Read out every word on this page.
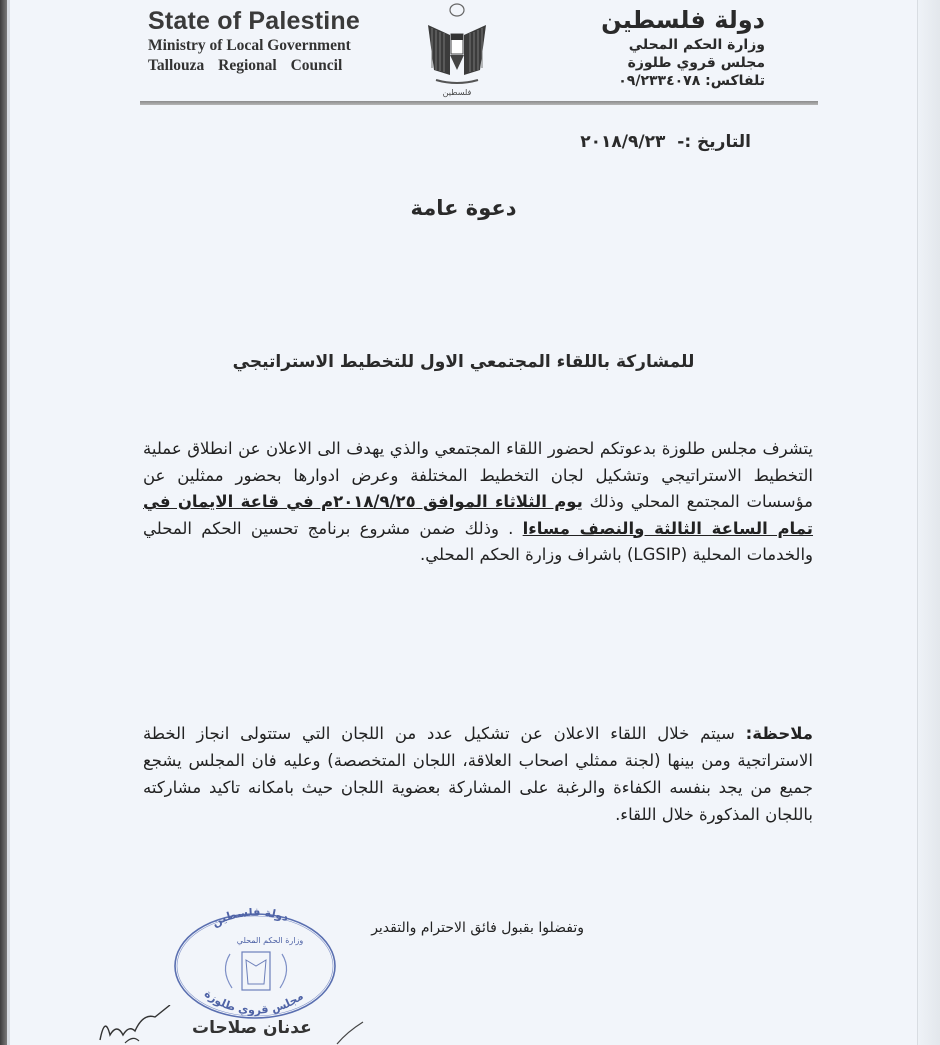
State of Palestine
Ministry of Local Government
Tallouza Regional Council
فلسطين
دولة فلسطين
وزارة الحكم المحلي
مجلس قروي طلوزة
تلفاكس: ٠٩/٢٣٣٤٠٧٨
التاريخ :- ٢٠١٨/٩/٢٣
دعوة عامة
للمشاركة باللقاء المجتمعي الاول للتخطيط الاستراتيجي
يتشرف مجلس طلوزة بدعوتكم لحضور اللقاء المجتمعي والذي يهدف الى الاعلان عن انطلاق عملية التخطيط الاستراتيجي وتشكيل لجان التخطيط المختلفة وعرض ادوارها بحضور ممثلين عن مؤسسات المجتمع المحلي وذلك يوم الثلاثاء الموافق ٢٠١٨/٩/٢٥م في قاعة الايمان في تمام الساعة الثالثة والنصف مساءا . وذلك ضمن مشروع برنامج تحسين الحكم المحلي والخدمات المحلية (LGSIP) باشراف وزارة الحكم المحلي.
ملاحظة: سيتم خلال اللقاء الاعلان عن تشكيل عدد من اللجان التي ستتولى انجاز الخطة الاستراتجية ومن بينها (لجنة ممثلي اصحاب العلاقة، اللجان المتخصصة) وعليه فان المجلس يشجع جميع من يجد بنفسه الكفاءة والرغبة على المشاركة بعضوية اللجان حيث بامكانه تاكيد مشاركته باللجان المذكورة خلال اللقاء.
وتفضلوا بقبول فائق الاحترام والتقدير
دولة فلسطين
وزارة الحكم المحلي
مجلس قروي طلوزة
عدنان صلاحات
